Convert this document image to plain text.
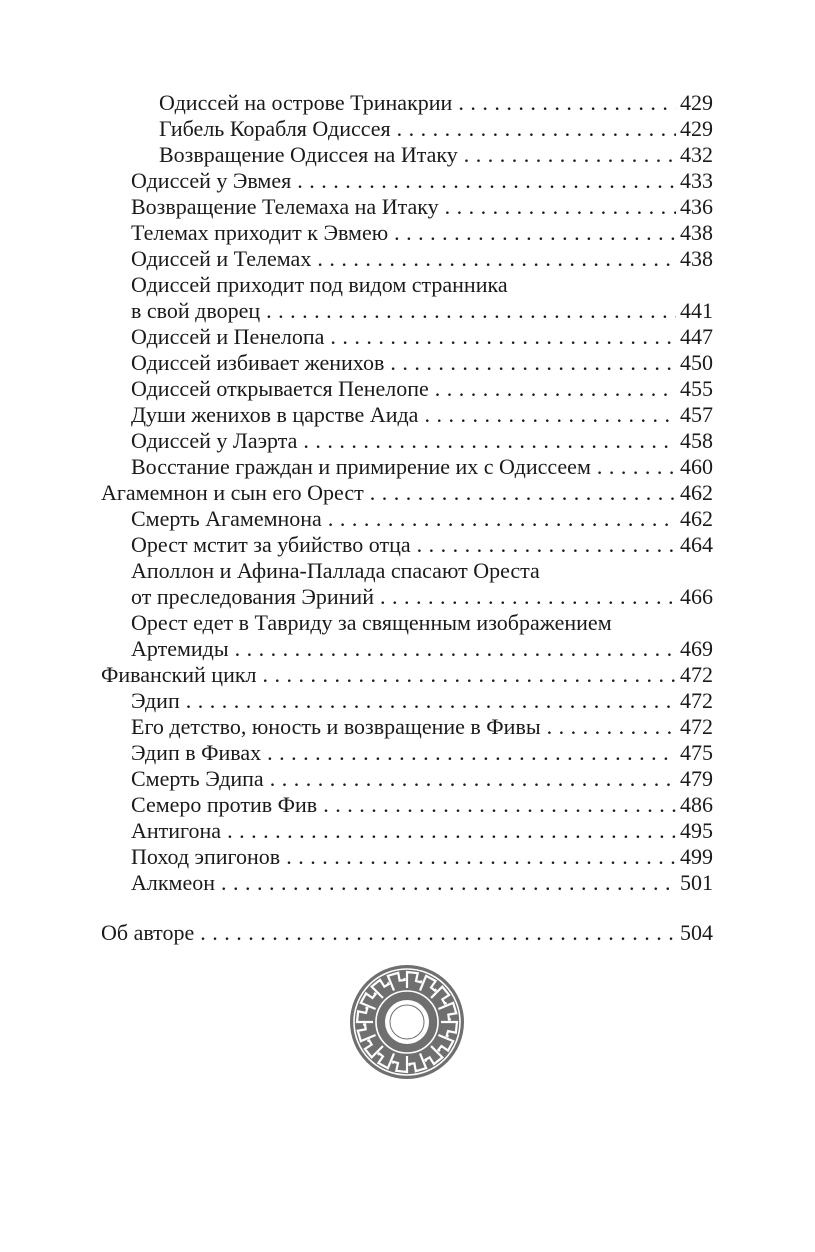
Одиссей на острове Тринакрии . . .	429
Гибель Корабля Одиссея . . .	429
Возвращение Одиссея на Итаку . . .	432
Одиссей у Эвмея . . .	433
Возвращение Телемаха на Итаку . . .	436
Телемах приходит к Эвмею . . .	438
Одиссей и Телемах . . .	438
Одиссей приходит под видом странника
в свой дворец . . .	441
Одиссей и Пенелопа . . .	447
Одиссей избивает женихов . . .	450
Одиссей открывается Пенелопе . . .	455
Души женихов в царстве Аида . . .	457
Одиссей у Лаэрта . . .	458
Восстание граждан и примирение их с Одиссеем . . .	460
Агамемнон и сын его Орест . . .	462
Смерть Агамемнона . . .	462
Орест мстит за убийство отца . . .	464
Аполлон и Афина-Паллада спасают Ореста
от преследования Эриний . . .	466
Орест едет в Тавриду за священным изображением
Артемиды . . .	469
Фиванский цикл . . .	472
Эдип . . .	472
Его детство, юность и возвращение в Фивы . . .	472
Эдип в Фивах . . .	475
Смерть Эдипа . . .	479
Семеро против Фив . . .	486
Антигона . . .	495
Поход эпигонов . . .	499
Алкмеон . . .	501
Об авторе . . .	504
